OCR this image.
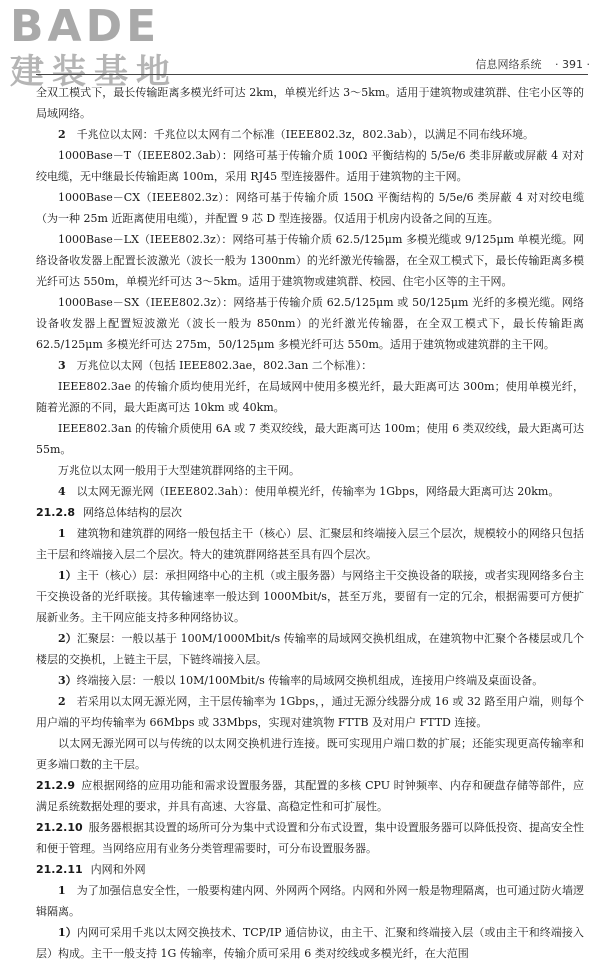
BADE
建装基地	信息网络系统 · 391 ·

全双工模式下，最长传输距离多模光纤可达 2km，单模光纤达 3～5km。适用于建筑物或建筑群、住宅小区等的局域网络。

2　 千兆位以太网：千兆位以太网有二个标准（IEEE802.3z，802.3ab），以满足不同布线环境。

1000Base－T（IEEE802.3ab）：网络可基于传输介质 100Ω 平衡结构的 5/5e/6 类非屏蔽或屏蔽 4 对对绞电缆，无中继最长传输距离 100m，采用 RJ45 型连接器件。适用于建筑物的主干网。

1000Base－CX（IEEE802.3z）：网络可基于传输介质 150Ω 平衡结构的 5/5e/6 类屏蔽 4 对对绞电缆（为一种 25m 近距离使用电缆），并配置 9 芯 D 型连接器。仅适用于机房内设备之间的互连。

1000Base－LX（IEEE802.3z）：网络可基于传输介质 62.5/125μm 多模光缆或 9/125μm 单模光缆。网络设备收发器上配置长波激光（波长一般为 1300nm）的光纤激光传输器，在全双工模式下，最长传输距离多模光纤可达 550m，单模光纤可达 3～5km。适用于建筑物或建筑群、校园、住宅小区等的主干网。

1000Base－SX（IEEE802.3z）：网络基于传输介质 62.5/125μm 或 50/125μm 光纤的多模光缆。网络设备收发器上配置短波激光（波长一般为 850nm）的光纤激光传输器，在全双工模式下，最长传输距离62.5/125μm 多模光纤可达 275m，50/125μm 多模光纤可达 550m。适用于建筑物或建筑群的主干网。

3　 万兆位以太网（包括 IEEE802.3ae，802.3an 二个标准）：

IEEE802.3ae 的传输介质均使用光纤，在局域网中使用多模光纤，最大距离可达 300m；使用单模光纤，随着光源的不同，最大距离可达 10km 或 40km。

IEEE802.3an 的传输介质使用 6A 或 7 类双绞线，最大距离可达 100m；使用 6 类双绞线，最大距离可达 55m。

万兆位以太网一般用于大型建筑群网络的主干网。

4　 以太网无源光网（IEEE802.3ah）：使用单模光纤，传输率为 1Gbps，网络最大距离可达 20km。

21.2.8 网络总体结构的层次

1　 建筑物和建筑群的网络一般包括主干（核心）层、汇聚层和终端接入层三个层次，规模较小的网络只包括主干层和终端接入层二个层次。特大的建筑群网络甚至具有四个层次。

1）主干（核心）层：承担网络中心的主机（或主服务器）与网络主干交换设备的联接，或者实现网络多台主干交换设备的光纤联接。其传输速率一般达到 1000Mbit/s，甚至万兆，要留有一定的冗余，根据需要可方便扩展新业务。主干网应能支持多种网络协议。

2）汇聚层：一般以基于 100M/1000Mbit/s 传输率的局域网交换机组成，在建筑物中汇聚个各楼层或几个楼层的交换机，上链主干层，下链终端接入层。

3）终端接入层：一般以 10M/100Mbit/s 传输率的局域网交换机组成，连接用户终端及桌面设备。

2　 若采用以太网无源光网，主干层传输率为 1Gbps，，通过无源分线器分成 16 或 32 路至用户端，则每个用户端的平均传输率为 66Mbps 或 33Mbps，实现对建筑物 FTTB 及对用户 FTTD 连接。

以太网无源光网可以与传统的以太网交换机进行连接。既可实现用户端口数的扩展；还能实现更高传输率和更多端口数的主干层。

21.2.9 应根据网络的应用功能和需求设置服务器，其配置的多核 CPU 时钟频率、内存和硬盘存储等部件，应满足系统数据处理的要求，并具有高速、大容量、高稳定性和可扩展性。

21.2.10 服务器根据其设置的场所可分为集中式设置和分布式设置，集中设置服务器可以降低投资、提高安全性和便于管理。当网络应用有业务分类管理需要时，可分布设置服务器。

21.2.11 内网和外网

1　 为了加强信息安全性，一般要构建内网、外网两个网络。内网和外网一般是物理隔离，也可通过防火墙逻辑隔离。

1）内网可采用千兆以太网交换技术、TCP/IP 通信协议，由主干、汇聚和终端接入层（或由主干和终端接入层）构成。主干一般支持 1G 传输率，传输介质可采用 6 类对绞线或多模光纤，在大范围
